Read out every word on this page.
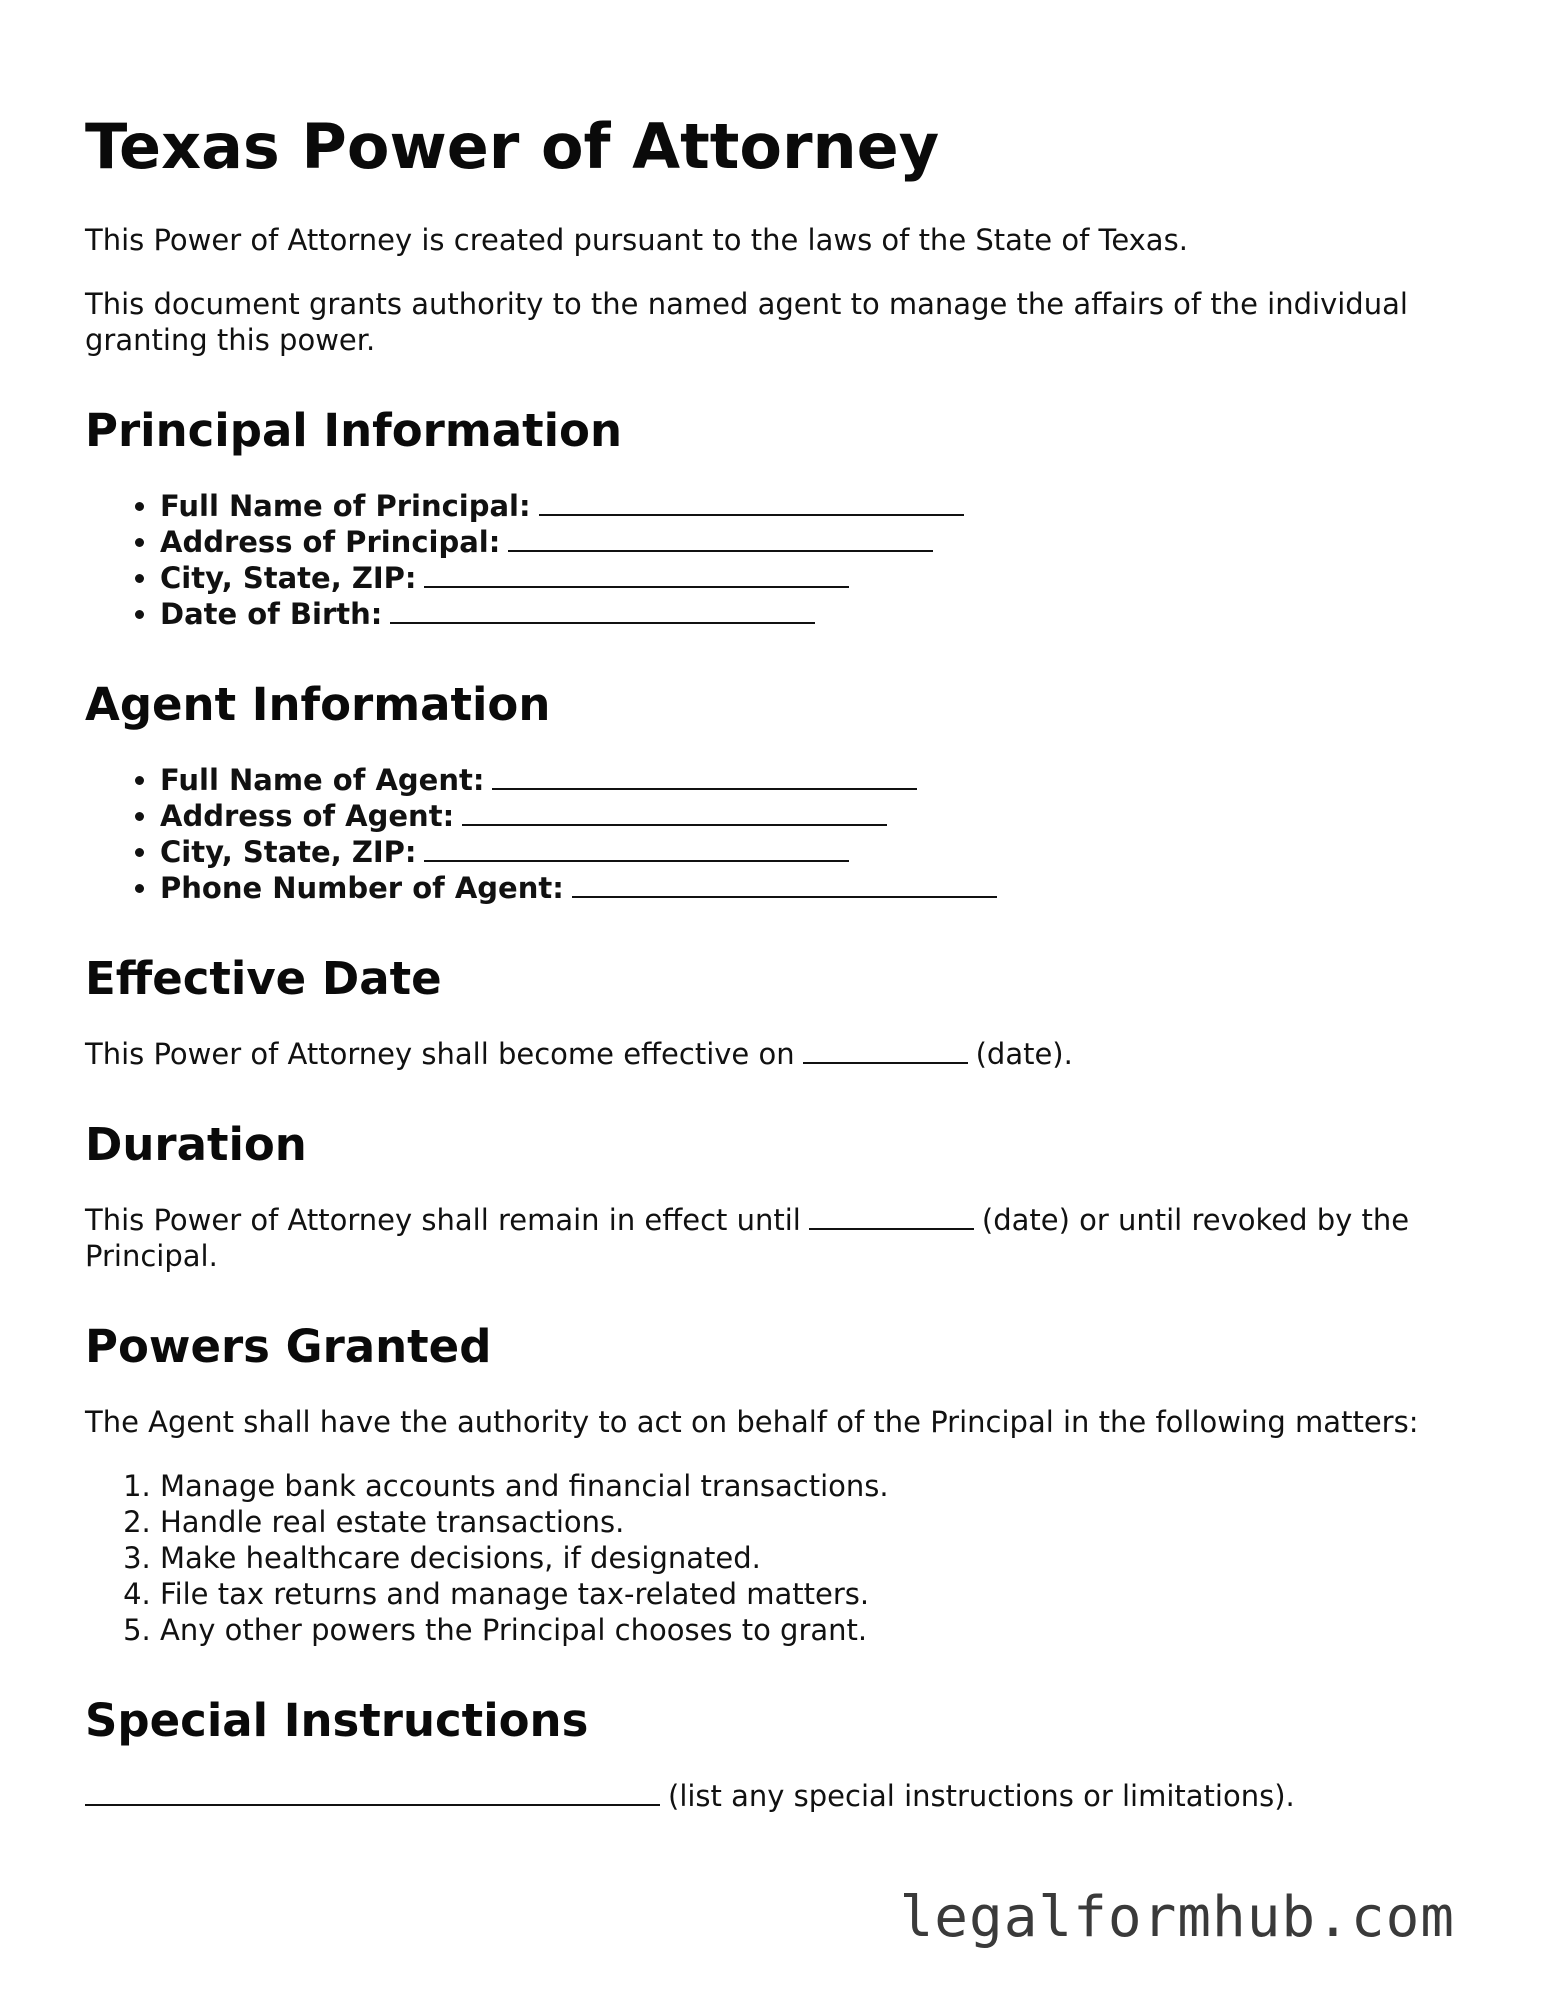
Texas Power of Attorney

This Power of Attorney is created pursuant to the laws of the State of Texas.

This document grants authority to the named agent to manage the affairs of the individual granting this power.

Principal Information
• Full Name of Principal:
• Address of Principal:
• City, State, ZIP:
• Date of Birth:
Agent Information
• Full Name of Agent:
• Address of Agent:
• City, State, ZIP:
• Phone Number of Agent:
Effective Date

This Power of Attorney shall become effective on	(date).

Duration

This Power of Attorney shall remain in effect until	(date) or until revoked by the Principal.

Powers Granted

The Agent shall have the authority to act on behalf of the Principal in the following matters:

1. Manage bank accounts and financial transactions.
2. Handle real estate transactions.
3. Make healthcare decisions, if designated.
4. File tax returns and manage tax-related matters.
5. Any other powers the Principal chooses to grant.
Special Instructions

(list any special instructions or limitations).

legalformhub.com
